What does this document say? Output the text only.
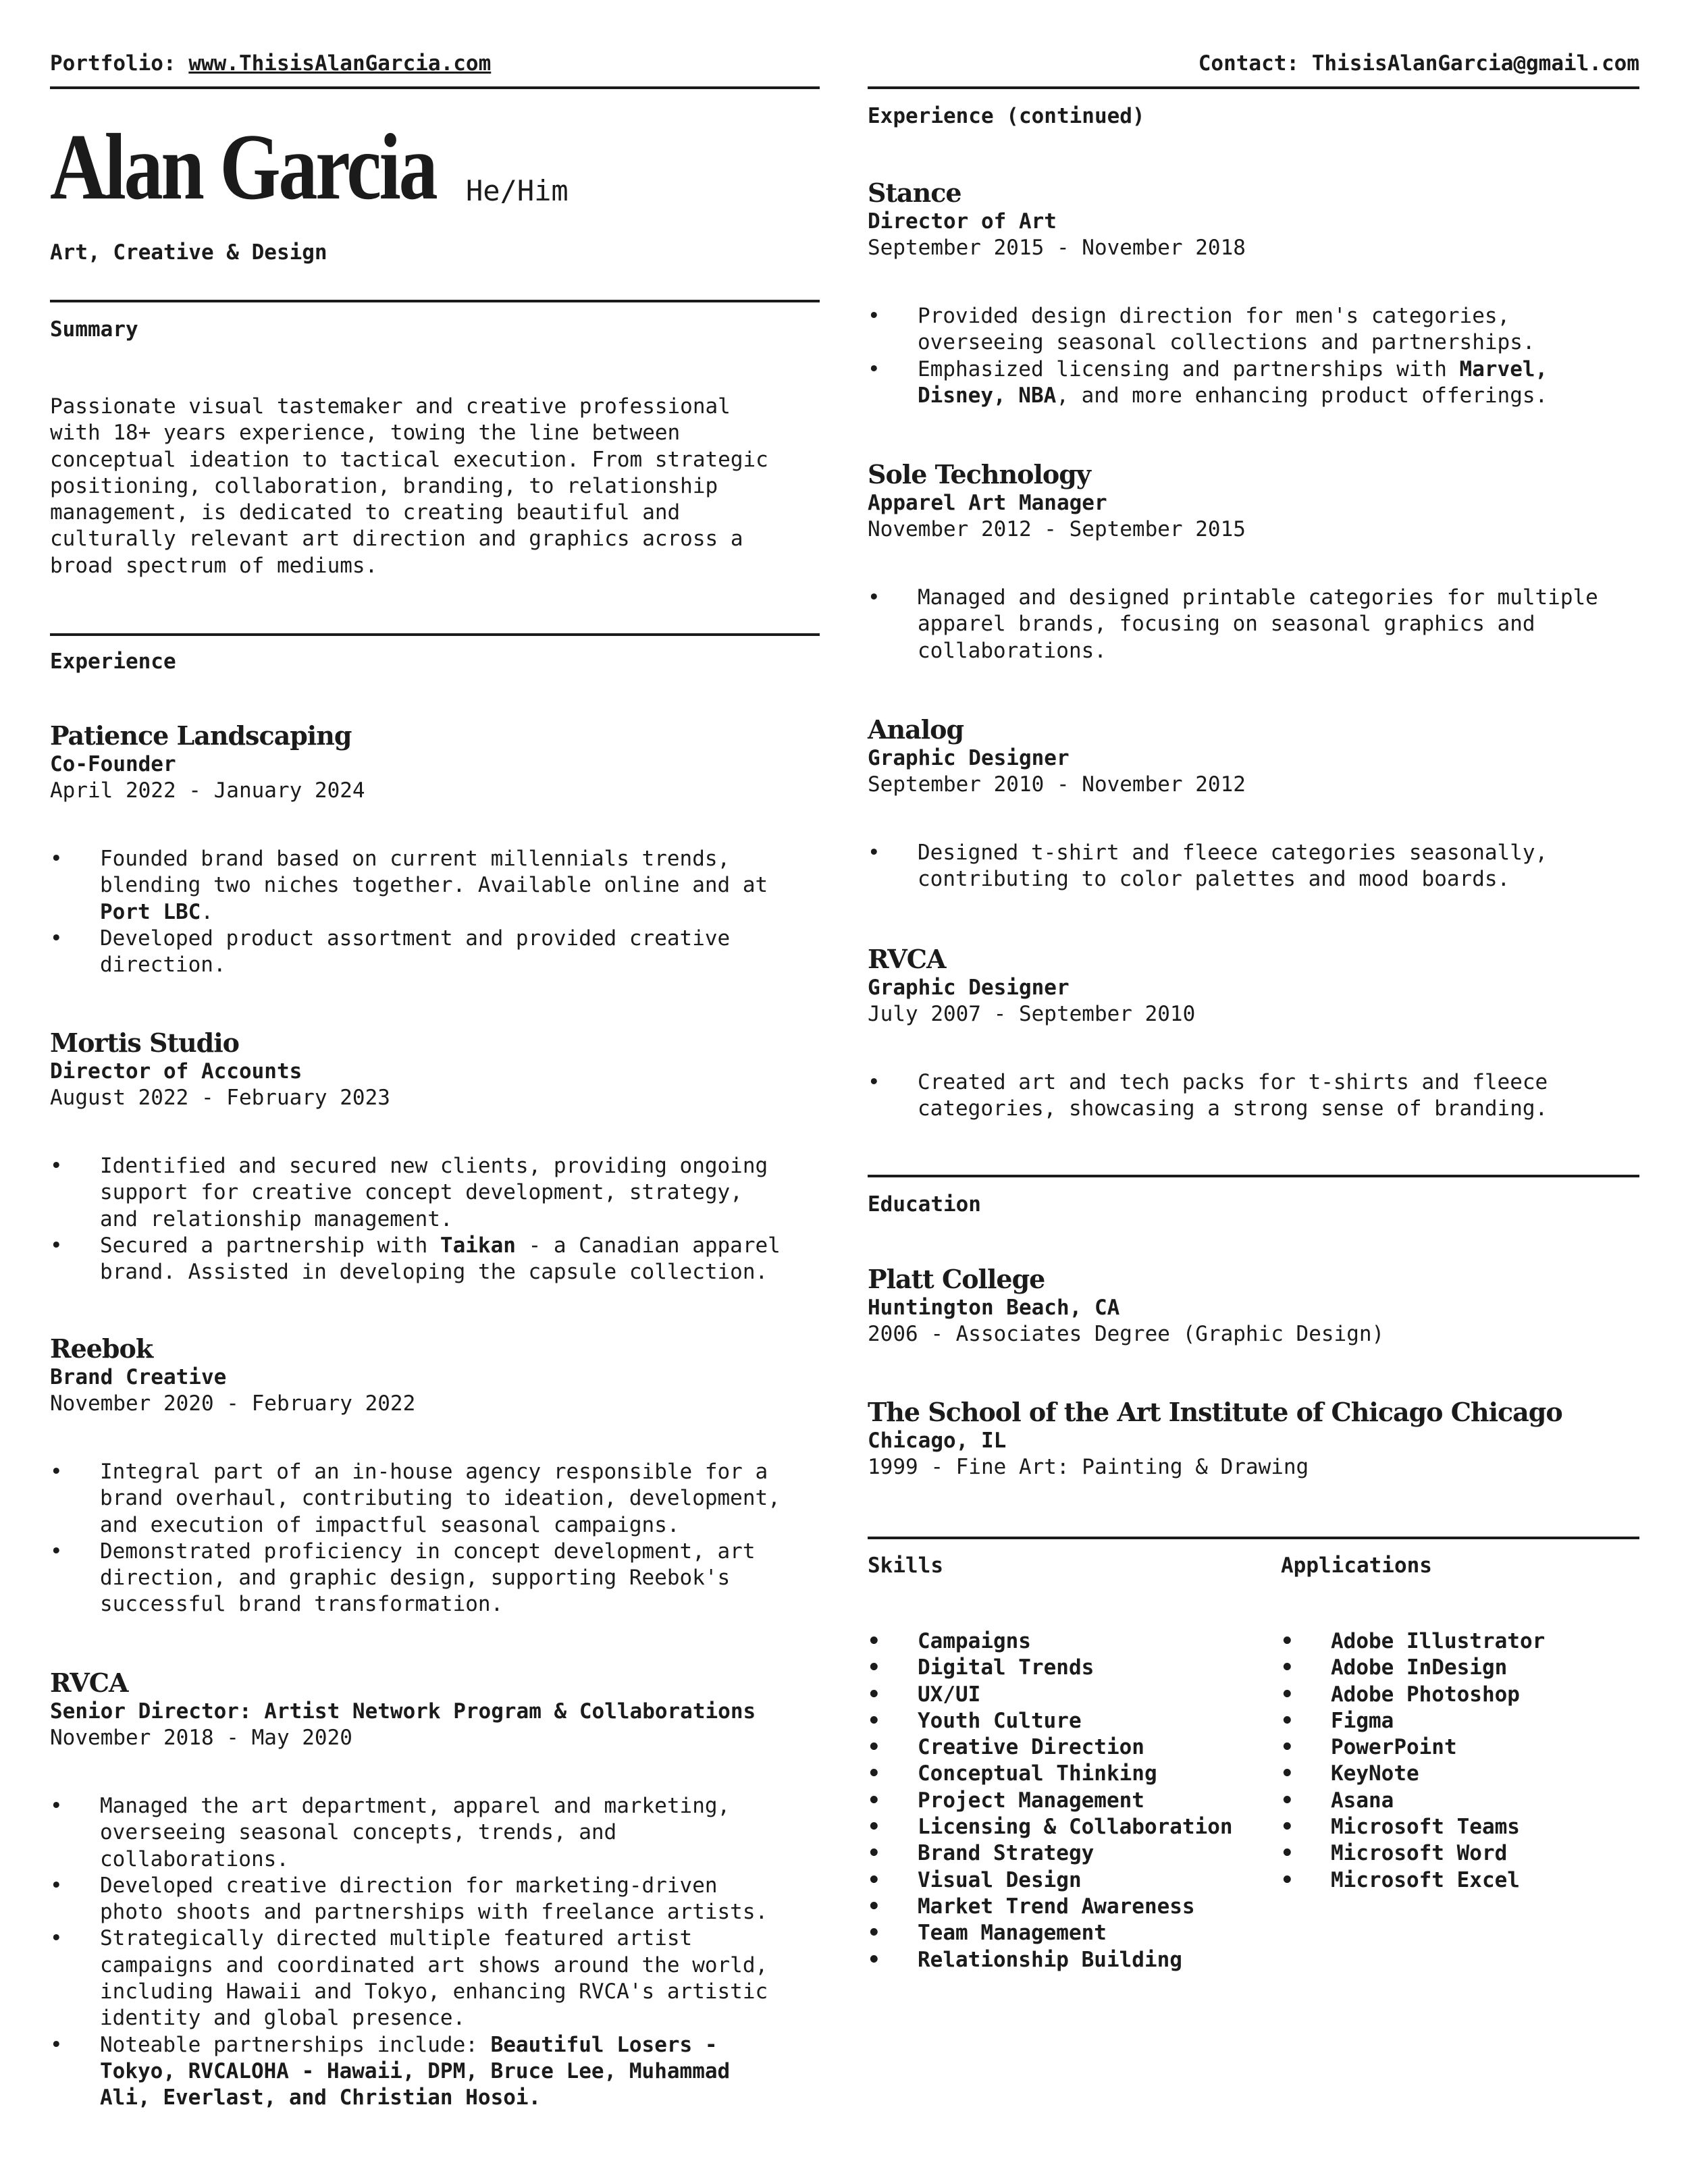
Portfolio: www.ThisisAlanGarcia.com	Contact: ThisisAlanGarcia@gmail.com
Alan Garcia He/Him
Art, Creative & Design
Summary
Passionate visual tastemaker and creative professional
with 18+ years experience, towing the line between
conceptual ideation to tactical execution. From strategic
positioning, collaboration, branding, to relationship
management, is dedicated to creating beautiful and
culturally relevant art direction and graphics across a
broad spectrum of mediums.
Experience
Patience Landscaping
Co-Founder
April 2022 - January 2024
• Founded brand based on current millennials trends,
blending two niches together. Available online and at
Port LBC.
• Developed product assortment and provided creative
direction.
Mortis Studio
Director of Accounts
August 2022 - February 2023
• Identified and secured new clients, providing ongoing
support for creative concept development, strategy,
and relationship management.
• Secured a partnership with Taikan - a Canadian apparel
brand. Assisted in developing the capsule collection.
Reebok
Brand Creative
November 2020 - February 2022
• Integral part of an in-house agency responsible for a
brand overhaul, contributing to ideation, development,
and execution of impactful seasonal campaigns.
• Demonstrated proficiency in concept development, art
direction, and graphic design, supporting Reebok's
successful brand transformation.
RVCA
Senior Director: Artist Network Program & Collaborations
November 2018 - May 2020
• Managed the art department, apparel and marketing,
overseeing seasonal concepts, trends, and
collaborations.
• Developed creative direction for marketing-driven
photo shoots and partnerships with freelance artists.
• Strategically directed multiple featured artist
campaigns and coordinated art shows around the world,
including Hawaii and Tokyo, enhancing RVCA's artistic
identity and global presence.
• Noteable partnerships include: Beautiful Losers -
Tokyo, RVCALOHA - Hawaii, DPM, Bruce Lee, Muhammad
Ali, Everlast, and Christian Hosoi.
Experience (continued)
Stance
Director of Art
September 2015 - November 2018
• Provided design direction for men's categories,
overseeing seasonal collections and partnerships.
• Emphasized licensing and partnerships with Marvel,
Disney, NBA, and more enhancing product offerings.
Sole Technology
Apparel Art Manager
November 2012 - September 2015
• Managed and designed printable categories for multiple
apparel brands, focusing on seasonal graphics and
collaborations.
Analog
Graphic Designer
September 2010 - November 2012
• Designed t-shirt and fleece categories seasonally,
contributing to color palettes and mood boards.
RVCA
Graphic Designer
July 2007 - September 2010
• Created art and tech packs for t-shirts and fleece
categories, showcasing a strong sense of branding.
Education
Platt College
Huntington Beach, CA
2006 - Associates Degree (Graphic Design)
The School of the Art Institute of Chicago Chicago
Chicago, IL
1999 - Fine Art: Painting & Drawing
Skills	Applications
• Campaigns
• Digital Trends
• UX/UI
• Youth Culture
• Creative Direction
• Conceptual Thinking
• Project Management
• Licensing & Collaboration
• Brand Strategy
• Visual Design
• Market Trend Awareness
• Team Management
• Relationship Building
• Adobe Illustrator
• Adobe InDesign
• Adobe Photoshop
• Figma
• PowerPoint
• KeyNote
• Asana
• Microsoft Teams
• Microsoft Word
• Microsoft Excel
